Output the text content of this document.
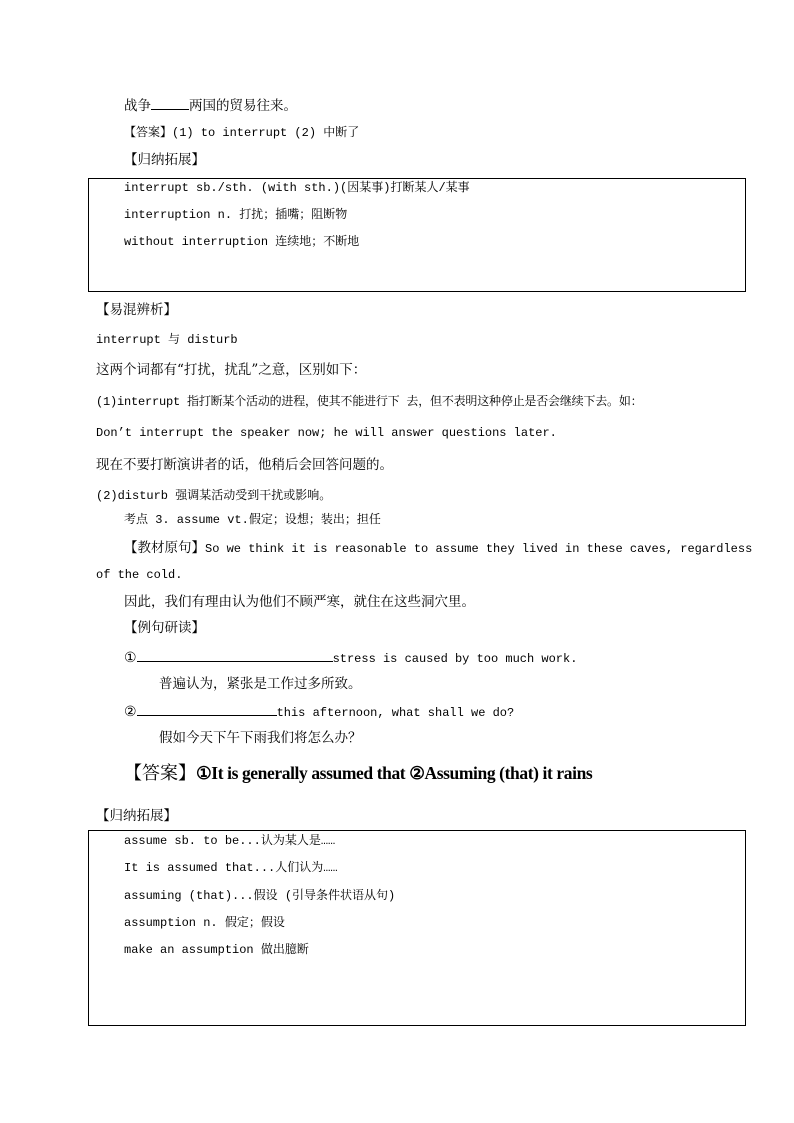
战争	两国的贸易往来。
【答案】(1) to interrupt (2) 中断了
【归纳拓展】
interrupt sb./sth. (with sth.)(因某事)打断某人/某事
interruption n. 打扰；插嘴；阻断物
without interruption 连续地；不断地
【易混辨析】
interrupt 与 disturb
这两个词都有“打扰，扰乱”之意，区别如下：
(1)interrupt 指打断某个活动的进程，使其不能进行下 去，但不表明这种停止是否会继续下去。如：
Don’t interrupt the speaker now; he will answer questions later.
现在不要打断演讲者的话，他稍后会回答问题的。
(2)disturb 强调某活动受到干扰或影响。
考点 3. assume vt.假定；设想；装出；担任
【教材原句】So we think it is reasonable to assume they lived in these caves, regardless
of the cold.
因此，我们有理由认为他们不顾严寒，就住在这些洞穴里。
【例句研读】
①	stress is caused by too much work.
普遍认为，紧张是工作过多所致。
②	this afternoon, what shall we do?
假如今天下午下雨我们将怎么办？
【答案】①It is generally assumed that ②Assuming (that) it rains
【归纳拓展】
assume sb. to be...认为某人是……
It is assumed that...人们认为……
assuming (that)...假设 (引导条件状语从句)
assumption n. 假定；假设
make an assumption 做出臆断
